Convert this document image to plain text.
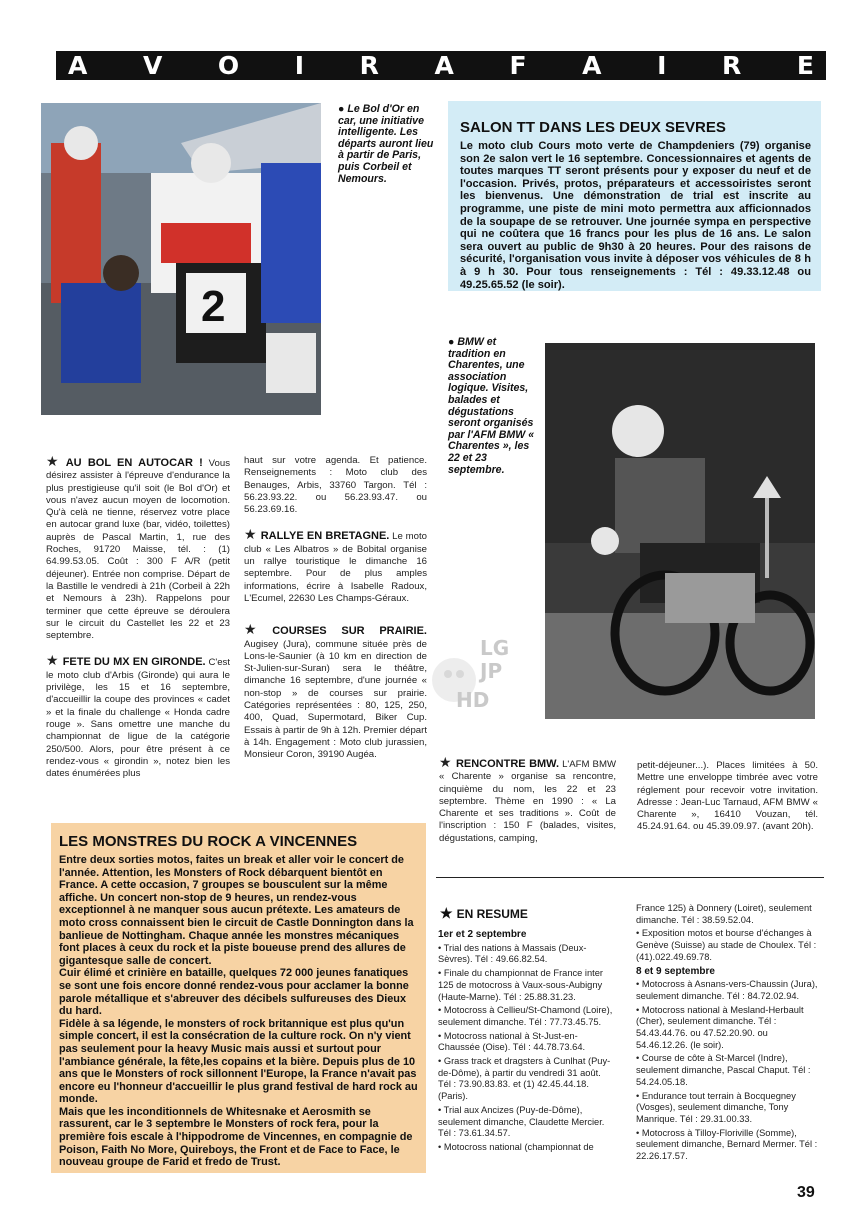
A V O I R A F A I R E
2
● Le Bol d'Or en car, une initiative intelligente. Les départs auront lieu à partir de Paris, puis Corbeil et Nemours.
SALON TT DANS LES DEUX SEVRES

Le moto club Cours moto verte de Champdeniers (79) organise son 2e salon vert le 16 septembre. Concessionnaires et agents de toutes marques TT seront présents pour y exposer du neuf et de l'occasion. Privés, protos, préparateurs et accessoiristes seront les bienvenus. Une démonstration de trial est inscrite au programme, une piste de mini moto permettra aux afficionnados de la soupape de se retrouver. Une journée sympa en perspective qui ne coûtera que 16 francs pour les plus de 16 ans. Le salon sera ouvert au public de 9h30 à 20 heures. Pour des raisons de sécurité, l'organisation vous invite à déposer vos véhicules de 8 h à 9 h 30. Pour tous renseignements : Tél : 49.33.12.48 ou 49.25.65.52 (le soir).

● BMW et tradition en Charentes, une association logique. Visites, balades et dégustations seront organisés par l'AFM BMW « Charentes », les 22 et 23 septembre.

★ AU BOL EN AUTOCAR ! Vous désirez assister à l'épreuve d'endurance la plus prestigieuse qu'il soit (le Bol d'Or) et vous n'avez aucun moyen de locomotion. Qu'à celà ne tienne, réservez votre place en autocar grand luxe (bar, vidéo, toilettes) auprès de Pascal Martin, 1, rue des Roches, 91720 Maisse, tél. : (1) 64.99.53.05. Coût : 300 F A/R (petit déjeuner). Entrée non comprise. Départ de la Bastille le vendredi à 21h (Corbeil à 22h et Nemours à 23h). Rappelons pour terminer que cette épreuve se déroulera sur le circuit du Castellet les 22 et 23 septembre.

★ FETE DU MX EN GIRONDE. C'est le moto club d'Arbis (Gironde) qui aura le privilège, les 15 et 16 septembre, d'accueillir la coupe des provinces « cadet » et la finale du challenge « Honda cadre rouge ». Sans omettre une manche du championnat de ligue de la catégorie 250/500. Alors, pour être présent à ce rendez-vous « girondin », notez bien les dates énumérées plus

haut sur votre agenda. Et patience. Renseignements : Moto club des Benauges, Arbis, 33760 Targon. Tél : 56.23.93.22. ou 56.23.93.47. ou 56.23.69.16.

★ RALLYE EN BRETAGNE. Le moto club « Les Albatros » de Bobital organise un rallye touristique le dimanche 16 septembre. Pour de plus amples informations, écrire à Isabelle Radoux, L'Ecumel, 22630 Les Champs-Géraux.

★ COURSES SUR PRAIRIE. Augisey (Jura), commune située près de Lons-le-Saunier (à 10 km en direction de St-Julien-sur-Suran) sera le théâtre, dimanche 16 septembre, d'une journée « non-stop » de courses sur prairie. Catégories représentées : 80, 125, 250, 400, Quad, Supermotard, Biker Cup. Essais à partir de 9h à 12h. Premier départ à 14h. Engagement : Moto club jurassien, Monsieur Coron, 39190 Augéa.

LG
JP
HD

★ RENCONTRE BMW. L'AFM BMW « Charente » organise sa rencontre, cinquième du nom, les 22 et 23 septembre. Thème en 1990 : « La Charente et ses traditions ». Coût de l'inscription : 150 F (balades, visites, dégustations, camping,

petit-déjeuner...). Places limitées à 50. Mettre une enveloppe timbrée avec votre réglement pour recevoir votre invitation. Adresse : Jean-Luc Tarnaud, AFM BMW « Charente », 16410 Vouzan, tél. 45.24.91.64. ou 45.39.09.97. (avant 20h).

LES MONSTRES DU ROCK A VINCENNES

Entre deux sorties motos, faites un break et aller voir le concert de l'année. Attention, les Monsters of Rock débarquent bientôt en France. A cette occasion, 7 groupes se bousculent sur la même affiche. Un concert non-stop de 9 heures, un rendez-vous exceptionnel à ne manquer sous aucun prétexte. Les amateurs de moto cross connaissent bien le circuit de Castle Donnington dans la banlieue de Nottingham. Chaque année les monstres mécaniques font places à ceux du rock et la piste boueuse prend des allures de gigantesque salle de concert.

Cuir élimé et crinière en bataille, quelques 72 000 jeunes fanatiques se sont une fois encore donné rendez-vous pour acclamer la bonne parole métallique et s'abreuver des décibels sulfureuses des Dieux du hard.

Fidèle à sa légende, le monsters of rock britannique est plus qu'un simple concert, il est la consécration de la culture rock. On n'y vient pas seulement pour la heavy Music mais aussi et surtout pour l'ambiance générale, la fête,les copains et la bière. Depuis plus de 10 ans que le Monsters of rock sillonnent l'Europe, la France n'avait pas encore eu l'honneur d'accueillir le plus grand festival de hard rock au monde.

Mais que les inconditionnels de Whitesnake et Aerosmith se rassurent, car le 3 septembre le Monsters of rock fera, pour la première fois escale à l'hippodrome de Vincennes, en compagnie de Poison, Faith No More, Quireboys, the Front et de Face to Face, le nouveau groupe de Farid et fredo de Trust.

★ EN RESUME

1er et 2 septembre

• Trial des nations à Massais (Deux-Sèvres). Tél : 49.66.82.54.

• Finale du championnat de France inter 125 de motocross à Vaux-sous-Aubigny (Haute-Marne). Tél : 25.88.31.23.

• Motocross à Cellieu/St-Chamond (Loire), seulement dimanche. Tél : 77.73.45.75.

• Motocross national à St-Just-en-Chaussée (Oise). Tél : 44.78.73.64.

• Grass track et dragsters à Cunlhat (Puy-de-Dôme), à partir du vendredi 31 août. Tél : 73.90.83.83. et (1) 42.45.44.18. (Paris).

• Trial aux Ancizes (Puy-de-Dôme), seulement dimanche, Claudette Mercier. Tél : 73.61.34.57.

• Motocross national (championnat de

France 125) à Donnery (Loiret), seulement dimanche. Tél : 38.59.52.04.

• Exposition motos et bourse d'échanges à Genève (Suisse) au stade de Choulex. Tél : (41).022.49.69.78.

8 et 9 septembre

• Motocross à Asnans-vers-Chaussin (Jura), seulement dimanche. Tél : 84.72.02.94.

• Motocross national à Mesland-Herbault (Cher), seulement dimanche. Tél : 54.43.44.76. ou 47.52.20.90. ou 54.46.12.26. (le soir).

• Course de côte à St-Marcel (Indre), seulement dimanche, Pascal Chaput. Tél : 54.24.05.18.

• Endurance tout terrain à Bocquegney (Vosges), seulement dimanche, Tony Manrique. Tél : 29.31.00.33.

• Motocross à Tilloy-Floriville (Somme), seulement dimanche, Bernard Mermer. Tél : 22.26.17.57.

39
